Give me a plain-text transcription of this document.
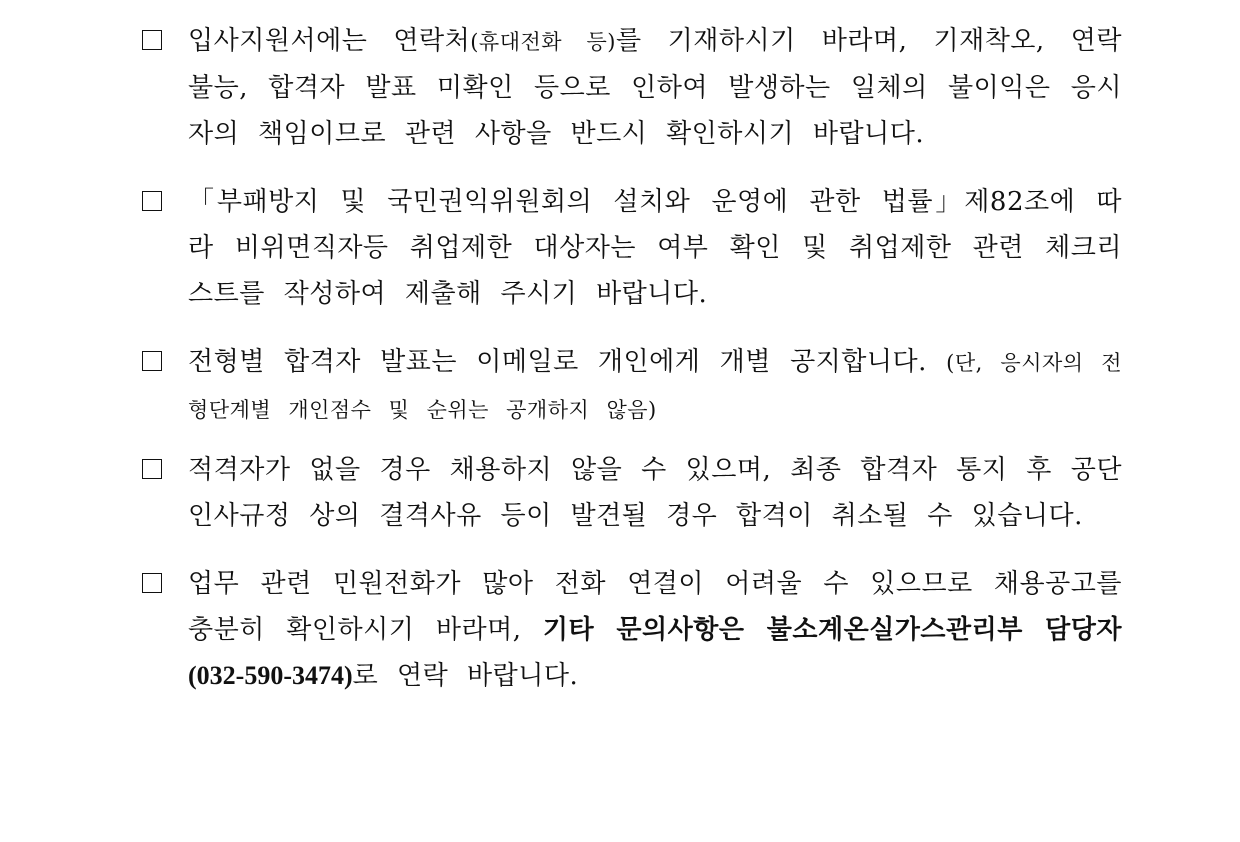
입사지원서에는 연락처(휴대전화 등)를 기재하시기 바라며, 기재착오, 연락 불능, 합격자 발표 미확인 등으로 인하여 발생하는 일체의 불이익은 응시자의 책임이므로 관련 사항을 반드시 확인하시기 바랍니다.
「부패방지 및 국민권익위원회의 설치와 운영에 관한 법률」제82조에 따라 비위면직자등 취업제한 대상자는 여부 확인 및 취업제한 관련 체크리스트를 작성하여 제출해 주시기 바랍니다.
전형별 합격자 발표는 이메일로 개인에게 개별 공지합니다. (단, 응시자의 전형단계별 개인점수 및 순위는 공개하지 않음)
적격자가 없을 경우 채용하지 않을 수 있으며, 최종 합격자 통지 후 공단 인사규정 상의 결격사유 등이 발견될 경우 합격이 취소될 수 있습니다.
업무 관련 민원전화가 많아 전화 연결이 어려울 수 있으므로 채용공고를 충분히 확인하시기 바라며, 기타 문의사항은 불소계온실가스관리부 담당자(032-590-3474)로 연락 바랍니다.
